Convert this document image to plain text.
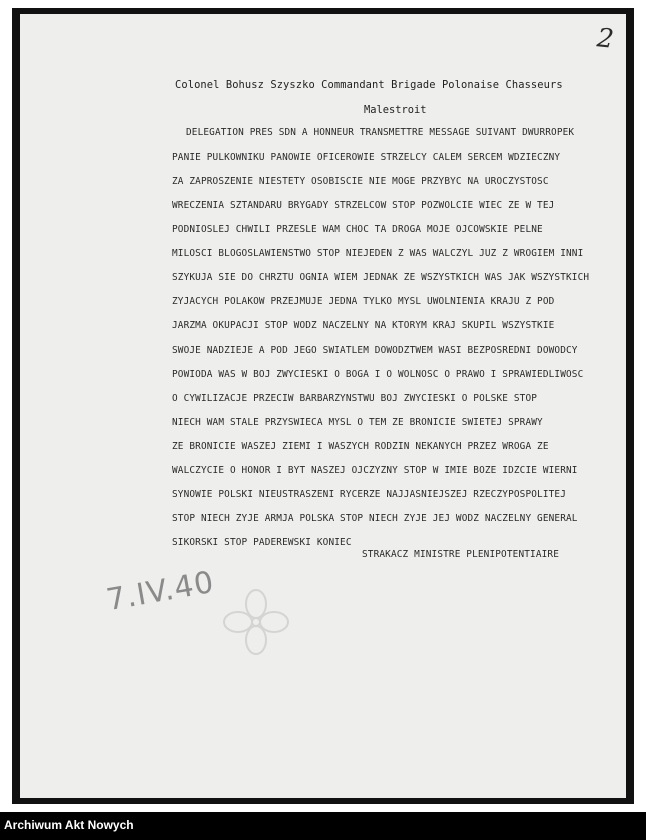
2
Colonel Bohusz Szyszko Commandant Brigade Polonaise Chasseurs
Malestroit
DELEGATION PRES SDN A HONNEUR TRANSMETTRE MESSAGE SUIVANT DWURROPEK
PANIE PULKOWNIKU PANOWIE OFICEROWIE STRZELCY CALEM SERCEM WDZIECZNY
ZA ZAPROSZENIE NIESTETY OSOBISCIE NIE MOGE PRZYBYC NA UROCZYSTOSC
WRECZENIA SZTANDARU BRYGADY STRZELCOW STOP POZWOLCIE WIEC ZE W TEJ
PODNIOSLEJ CHWILI PRZESLE WAM CHOC TA DROGA MOJE OJCOWSKIE PELNE
MILOSCI BLOGOSLAWIENSTWO STOP NIEJEDEN Z WAS WALCZYL JUZ Z WROGIEM INNI
SZYKUJA SIE DO CHRZTU OGNIA WIEM JEDNAK ZE WSZYSTKICH WAS JAK WSZYSTKICH
ZYJACYCH POLAKOW PRZEJMUJE JEDNA TYLKO MYSL UWOLNIENIA KRAJU Z POD
JARZMA OKUPACJI STOP WODZ NACZELNY NA KTORYM KRAJ SKUPIL WSZYSTKIE
SWOJE NADZIEJE A POD JEGO SWIATLEM DOWODZTWEM WASI BEZPOSREDNI DOWODCY
POWIODA WAS W BOJ ZWYCIESKI O BOGA I O WOLNOSC O PRAWO I SPRAWIEDLIWOSC
O CYWILIZACJE PRZECIW BARBARZYNSTWU BOJ ZWYCIESKI O POLSKE STOP
NIECH WAM STALE PRZYSWIECA MYSL O TEM ZE BRONICIE SWIETEJ SPRAWY
ZE BRONICIE WASZEJ ZIEMI I WASZYCH RODZIN NEKANYCH PRZEZ WROGA ZE
WALCZYCIE O HONOR I BYT NASZEJ OJCZYZNY STOP W IMIE BOZE IDZCIE WIERNI
SYNOWIE POLSKI NIEUSTRASZENI RYCERZE NAJJASNIEJSZEJ RZECZYPOSPOLITEJ
STOP NIECH ZYJE ARMJA POLSKA STOP NIECH ZYJE JEJ WODZ NACZELNY GENERAL
SIKORSKI STOP PADEREWSKI KONIEC
STRAKACZ MINISTRE PLENIPOTENTIAIRE
7.IV.40
Archiwum Akt Nowych
